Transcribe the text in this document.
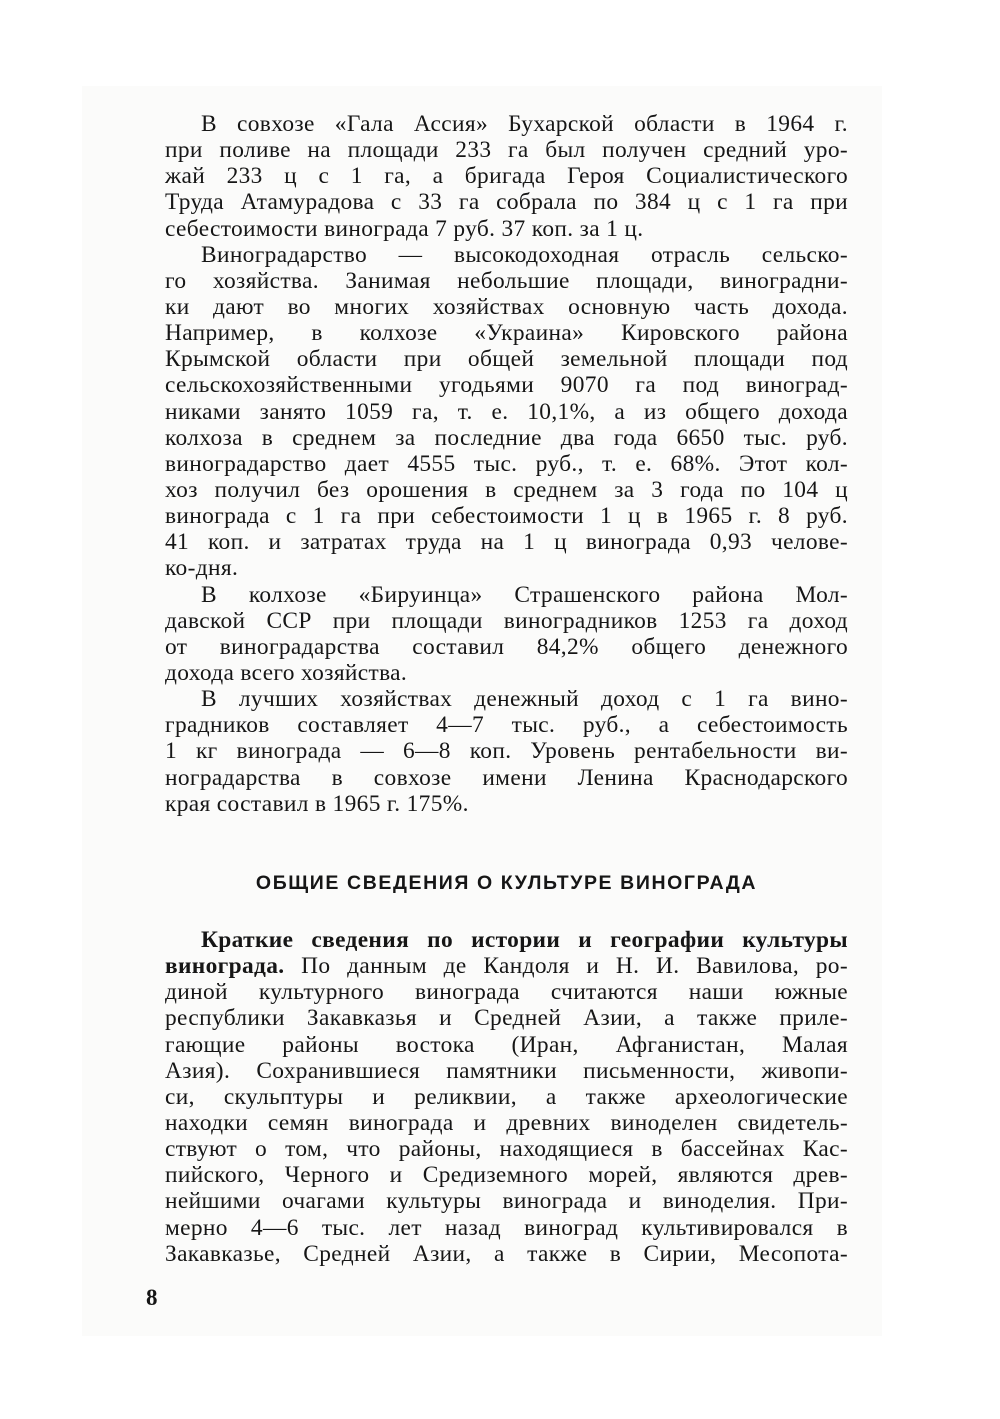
В совхозе «Гала Ассия» Бухарской области в 1964 г.
при поливе на площади 233 га был получен средний уро-
жай 233 ц с 1 га, а бригада Героя Социалистического
Труда Атамурадова с 33 га собрала по 384 ц с 1 га при
себестоимости винограда 7 руб. 37 коп. за 1 ц.
Виноградарство — высокодоходная отрасль сельско-
го хозяйства. Занимая небольшие площади, виноградни-
ки дают во многих хозяйствах основную часть дохода.
Например, в колхозе «Украина» Кировского района
Крымской области при общей земельной площади под
сельскохозяйственными угодьями 9070 га под виноград-
никами занято 1059 га, т. е. 10,1%, а из общего дохода
колхоза в среднем за последние два года 6650 тыс. руб.
виноградарство дает 4555 тыс. руб., т. е. 68%. Этот кол-
хоз получил без орошения в среднем за 3 года по 104 ц
винограда с 1 га при себестоимости 1 ц в 1965 г. 8 руб.
41 коп. и затратах труда на 1 ц винограда 0,93 челове-
ко-дня.
В колхозе «Бируинца» Страшенского района Мол-
давской ССР при площади виноградников 1253 га доход
от виноградарства составил 84,2% общего денежного
дохода всего хозяйства.
В лучших хозяйствах денежный доход с 1 га вино-
градников составляет 4—7 тыс. руб., а себестоимость
1 кг винограда — 6—8 коп. Уровень рентабельности ви-
ноградарства в совхозе имени Ленина Краснодарского
края составил в 1965 г. 175%.
ОБЩИЕ СВЕДЕНИЯ О КУЛЬТУРЕ ВИНОГРАДА
Краткие сведения по истории и географии культуры
винограда. По данным де Кандоля и Н. И. Вавилова, ро-
диной культурного винограда считаются наши южные
республики Закавказья и Средней Азии, а также приле-
гающие районы востока (Иран, Афганистан, Малая
Азия). Сохранившиеся памятники письменности, живопи-
си, скульптуры и реликвии, а также археологические
находки семян винограда и древних виноделен свидетель-
ствуют о том, что районы, находящиеся в бассейнах Кас-
пийского, Черного и Средиземного морей, являются древ-
нейшими очагами культуры винограда и виноделия. При-
мерно 4—6 тыс. лет назад виноград культивировался в
Закавказье, Средней Азии, а также в Сирии, Месопота-
8
